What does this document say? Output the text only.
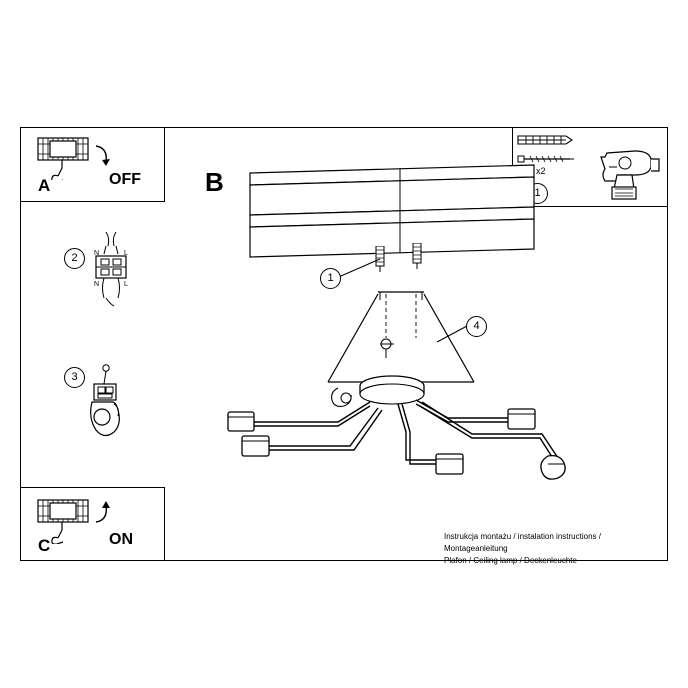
A	OFF B
2	N	L
N	L
3
C	ON
x2
1
1
4
Instrukcja montażu / instalation instructions / Montageanleitung
Plafon / Ceiling lamp / Deckenleuchte
